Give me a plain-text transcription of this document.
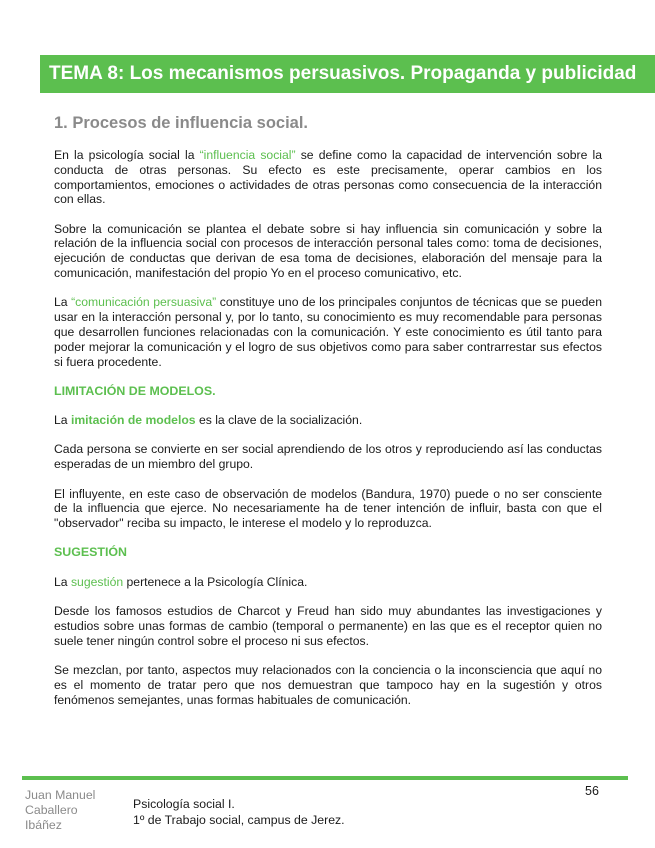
TEMA 8: Los mecanismos persuasivos. Propaganda y publicidad
1. Procesos de influencia social.

En la psicología social la “influencia social” se define como la capacidad de intervención sobre la conducta de otras personas. Su efecto es este precisamente, operar cambios en los comportamientos, emociones o actividades de otras personas como consecuencia de la interacción con ellas.

Sobre la comunicación se plantea el debate sobre si hay influencia sin comunicación y sobre la relación de la influencia social con procesos de interacción personal tales como: toma de decisiones, ejecución de conductas que derivan de esa toma de decisiones, elaboración del mensaje para la comunicación, manifestación del propio Yo en el proceso comunicativo, etc.

La “comunicación persuasiva” constituye uno de los principales conjuntos de técnicas que se pueden usar en la interacción personal y, por lo tanto, su conocimiento es muy recomendable para personas que desarrollen funciones relacionadas con la comunicación. Y este conocimiento es útil tanto para poder mejorar la comunicación y el logro de sus objetivos como para saber contrarrestar sus efectos si fuera procedente.

LIMITACIÓN DE MODELOS.

La imitación de modelos es la clave de la socialización.

Cada persona se convierte en ser social aprendiendo de los otros y reproduciendo así las conductas esperadas de un miembro del grupo.

El influyente, en este caso de observación de modelos (Bandura, 1970) puede o no ser consciente de la influencia que ejerce. No necesariamente ha de tener intención de influir, basta con que el "observador" reciba su impacto, le interese el modelo y lo reproduzca.

SUGESTIÓN

La sugestión pertenece a la Psicología Clínica.

Desde los famosos estudios de Charcot y Freud han sido muy abundantes las investigaciones y estudios sobre unas formas de cambio (temporal o permanente) en las que es el receptor quien no suele tener ningún control sobre el proceso ni sus efectos.

Se mezclan, por tanto, aspectos muy relacionados con la conciencia o la inconsciencia que aquí no es el momento de tratar pero que nos demuestran que tampoco hay en la sugestión y otros fenómenos semejantes, unas formas habituales de comunicación.

Juan Manuel
Caballero
Ibáñez
Psicología social I.
1º de Trabajo social, campus de Jerez.
56
